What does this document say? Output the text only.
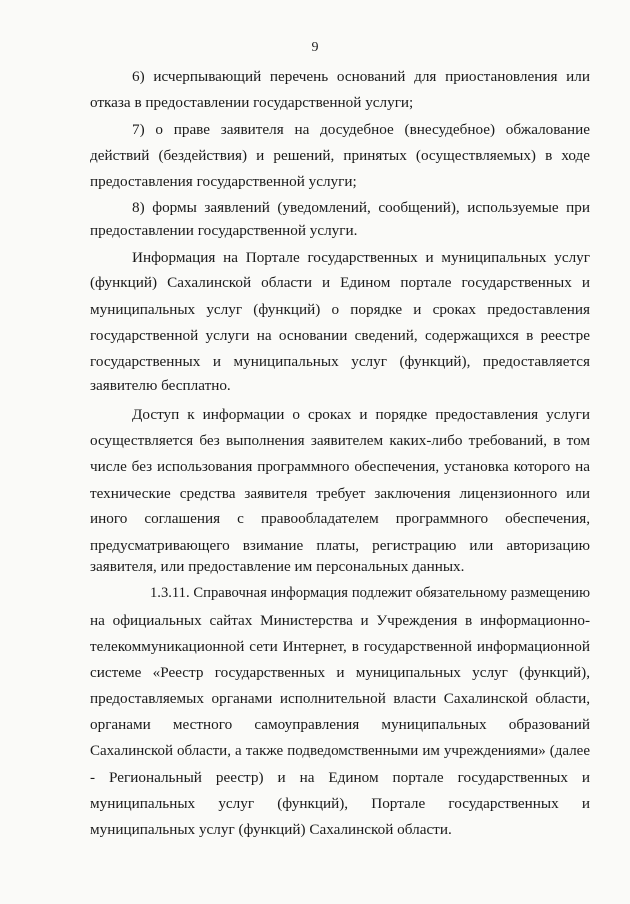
9
6) исчерпывающий перечень оснований для приостановления или
отказа в предоставлении государственной услуги;
7) о праве заявителя на досудебное (внесудебное) обжалование
действий (бездействия) и решений, принятых (осуществляемых) в ходе
предоставления государственной услуги;
8) формы заявлений (уведомлений, сообщений), используемые при
предоставлении государственной услуги.
Информация на Портале государственных и муниципальных услуг
(функций) Сахалинской области и Едином портале государственных и
муниципальных услуг (функций) о порядке и сроках предоставления
государственной услуги на основании сведений, содержащихся в реестре
государственных и муниципальных услуг (функций), предоставляется
заявителю бесплатно.
Доступ к информации о сроках и порядке предоставления услуги
осуществляется без выполнения заявителем каких-либо требований, в том
числе без использования программного обеспечения, установка которого на
технические средства заявителя требует заключения лицензионного или
иного соглашения с правообладателем программного обеспечения,
предусматривающего взимание платы, регистрацию или авторизацию
заявителя, или предоставление им персональных данных.
1.3.11. Справочная информация подлежит обязательному размещению
на официальных сайтах Министерства и Учреждения в информационно-
телекоммуникационной сети Интернет, в государственной информационной
системе «Реестр государственных и муниципальных услуг (функций),
предоставляемых органами исполнительной власти Сахалинской области,
органами местного самоуправления муниципальных образований
Сахалинской области, а также подведомственными им учреждениями» (далее
- Региональный реестр) и на Едином портале государственных и
муниципальных услуг (функций), Портале государственных и
муниципальных услуг (функций) Сахалинской области.
